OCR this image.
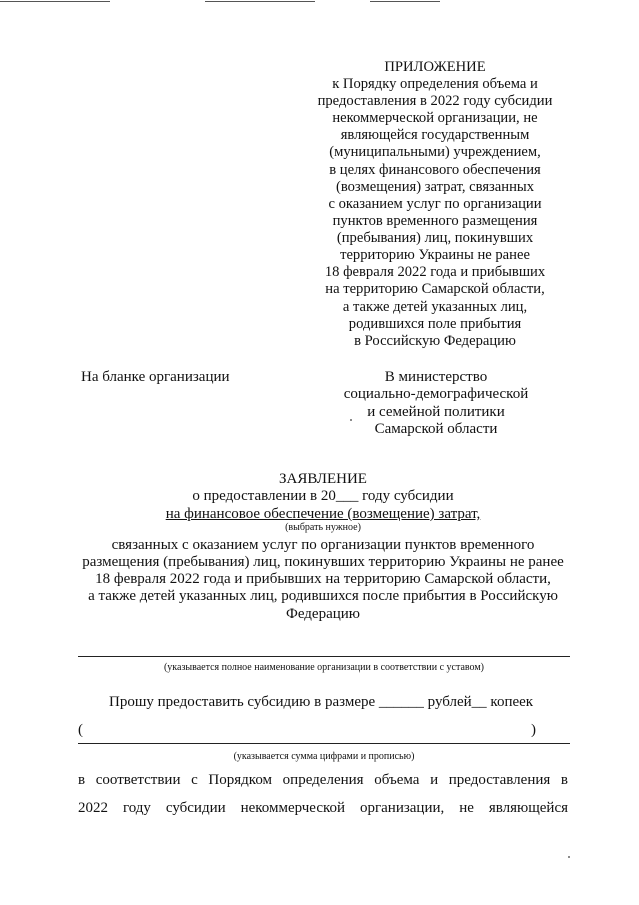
ПРИЛОЖЕНИЕ
к Порядку определения объема и
предоставления в 2022 году субсидии
некоммерческой организации, не
являющейся государственным
(муниципальными) учреждением,
в целях финансового обеспечения
(возмещения) затрат, связанных
с оказанием услуг по организации
пунктов временного размещения
(пребывания) лиц, покинувших
территорию Украины не ранее
18 февраля 2022 года и прибывших
на территорию Самарской области,
а также детей указанных лиц,
родившихся поле прибытия
в Российскую Федерацию
На бланке организации	В министерство
социально-демографической
и семейной политики
Самарской области
ЗАЯВЛЕНИЕ
о предоставлении в 20___ году субсидии
на финансовое обеспечение (возмещение) затрат,
(выбрать нужное)
связанных с оказанием услуг по организации пунктов временного
размещения (пребывания) лиц, покинувших территорию Украины не ранее
18 февраля 2022 года и прибывших на территорию Самарской области,
а также детей указанных лиц, родившихся после прибытия в Российскую
Федерацию
(указывается полное наименование организации в соответствии с уставом)
Прошу предоставить субсидию в размере ______ рублей__ копеек
(	)
(указывается сумма цифрами и прописью)
в соответствии с Порядком определения объема и предоставления в
2022 году субсидии некоммерческой организации, не являющейся
